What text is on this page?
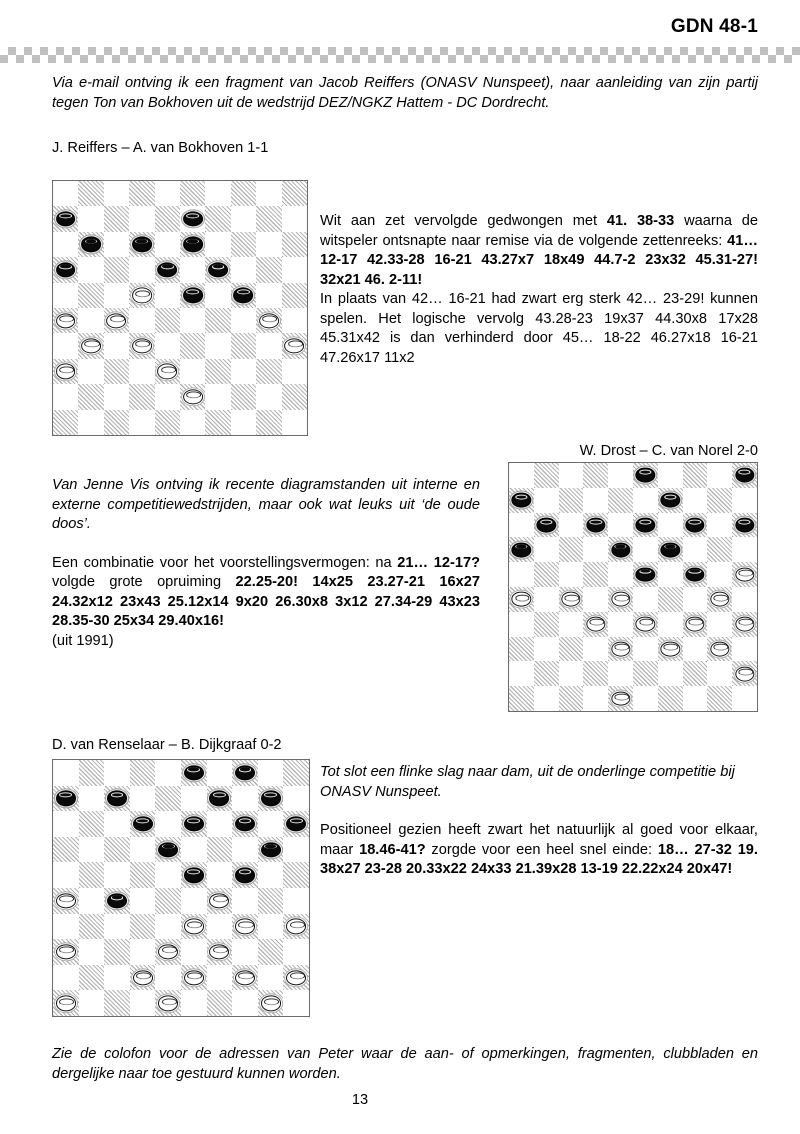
GDN 48-1

Via e-mail ontving ik een fragment van Jacob Reiffers (ONASV Nunspeet), naar aanleiding van zijn partij tegen Ton van Bokhoven uit de wedstrijd DEZ/NGKZ Hattem - DC Dordrecht.

J. Reiffers – A. van Bokhoven 1-1

Wit aan zet vervolgde gedwongen met 41. 38-33 waarna de witspeler ontsnapte naar remise via de volgende zettenreeks: 41… 12-17 42.33-28 16-21 43.27x7 18x49 44.7-2 23x32 45.31-27! 32x21 46. 2-11!

In plaats van 42… 16-21 had zwart erg sterk 42… 23-29! kunnen spelen. Het logische vervolg 43.28-23 19x37 44.30x8 17x28 45.31x42 is dan verhinderd door 45… 18-22 46.27x18 16-21 47.26x17 11x2

W. Drost – C. van Norel 2-0

Van Jenne Vis ontving ik recente diagramstanden uit interne en externe competitiewedstrijden, maar ook wat leuks uit ‘de oude doos’.

Een combinatie voor het voorstellingsvermogen: na 21… 12-17? volgde grote opruiming 22.25-20! 14x25 23.27-21 16x27 24.32x12 23x43 25.12x14 9x20 26.30x8 3x12 27.34-29 43x23 28.35-30 25x34 29.40x16!

(uit 1991)

D. van Renselaar – B. Dijkgraaf 0-2

Tot slot een flinke slag naar dam, uit de onderlinge competitie bij ONASV Nunspeet.

Positioneel gezien heeft zwart het natuurlijk al goed voor elkaar, maar 18.46-41? zorgde voor een heel snel einde: 18… 27-32 19. 38x27 23-28 20.33x22 24x33 21.39x28 13-19 22.22x24 20x47!

Zie de colofon voor de adressen van Peter waar de aan- of opmerkingen, fragmenten, clubbladen en dergelijke naar toe gestuurd kunnen worden.

13
